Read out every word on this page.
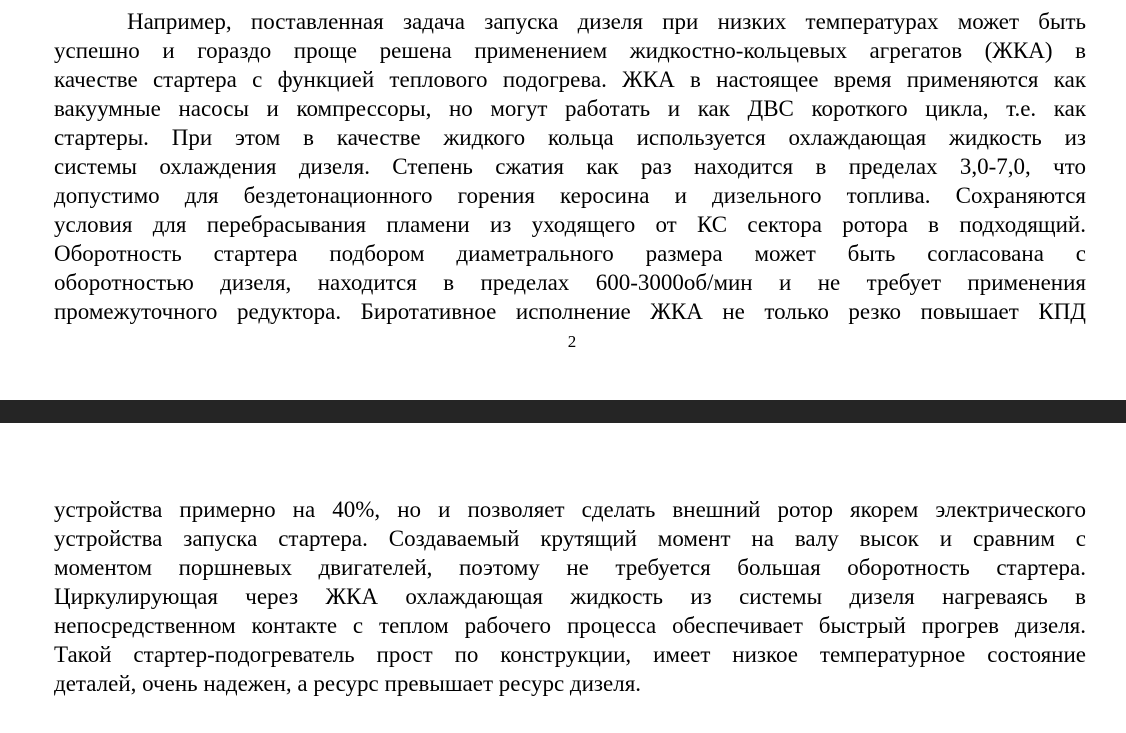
Например, поставленная задача запуска дизеля при низких температурах может быть
успешно и гораздо проще решена применением жидкостно-кольцевых агрегатов (ЖКА) в
качестве стартера с функцией теплового подогрева. ЖКА в настоящее время применяются как
вакуумные насосы и компрессоры, но могут работать и как ДВС короткого цикла, т.е. как
стартеры. При этом в качестве жидкого кольца используется охлаждающая жидкость из
системы охлаждения дизеля. Степень сжатия как раз находится в пределах 3,0-7,0, что
допустимо для бездетонационного горения керосина и дизельного топлива. Сохраняются
условия для перебрасывания пламени из уходящего от КС сектора ротора в подходящий.
Оборотность стартера подбором диаметрального размера может быть согласована с
оборотностью дизеля, находится в пределах 600-3000об/мин и не требует применения
промежуточного редуктора. Биротативное исполнение ЖКА не только резко повышает КПД
2
устройства примерно на 40%, но и позволяет сделать внешний ротор якорем электрического
устройства запуска стартера. Создаваемый крутящий момент на валу высок и сравним с
моментом поршневых двигателей, поэтому не требуется большая оборотность стартера.
Циркулирующая через ЖКА охлаждающая жидкость из системы дизеля нагреваясь в
непосредственном контакте с теплом рабочего процесса обеспечивает быстрый прогрев дизеля.
Такой стартер-подогреватель прост по конструкции, имеет низкое температурное состояние
деталей, очень надежен, а ресурс превышает ресурс дизеля.
